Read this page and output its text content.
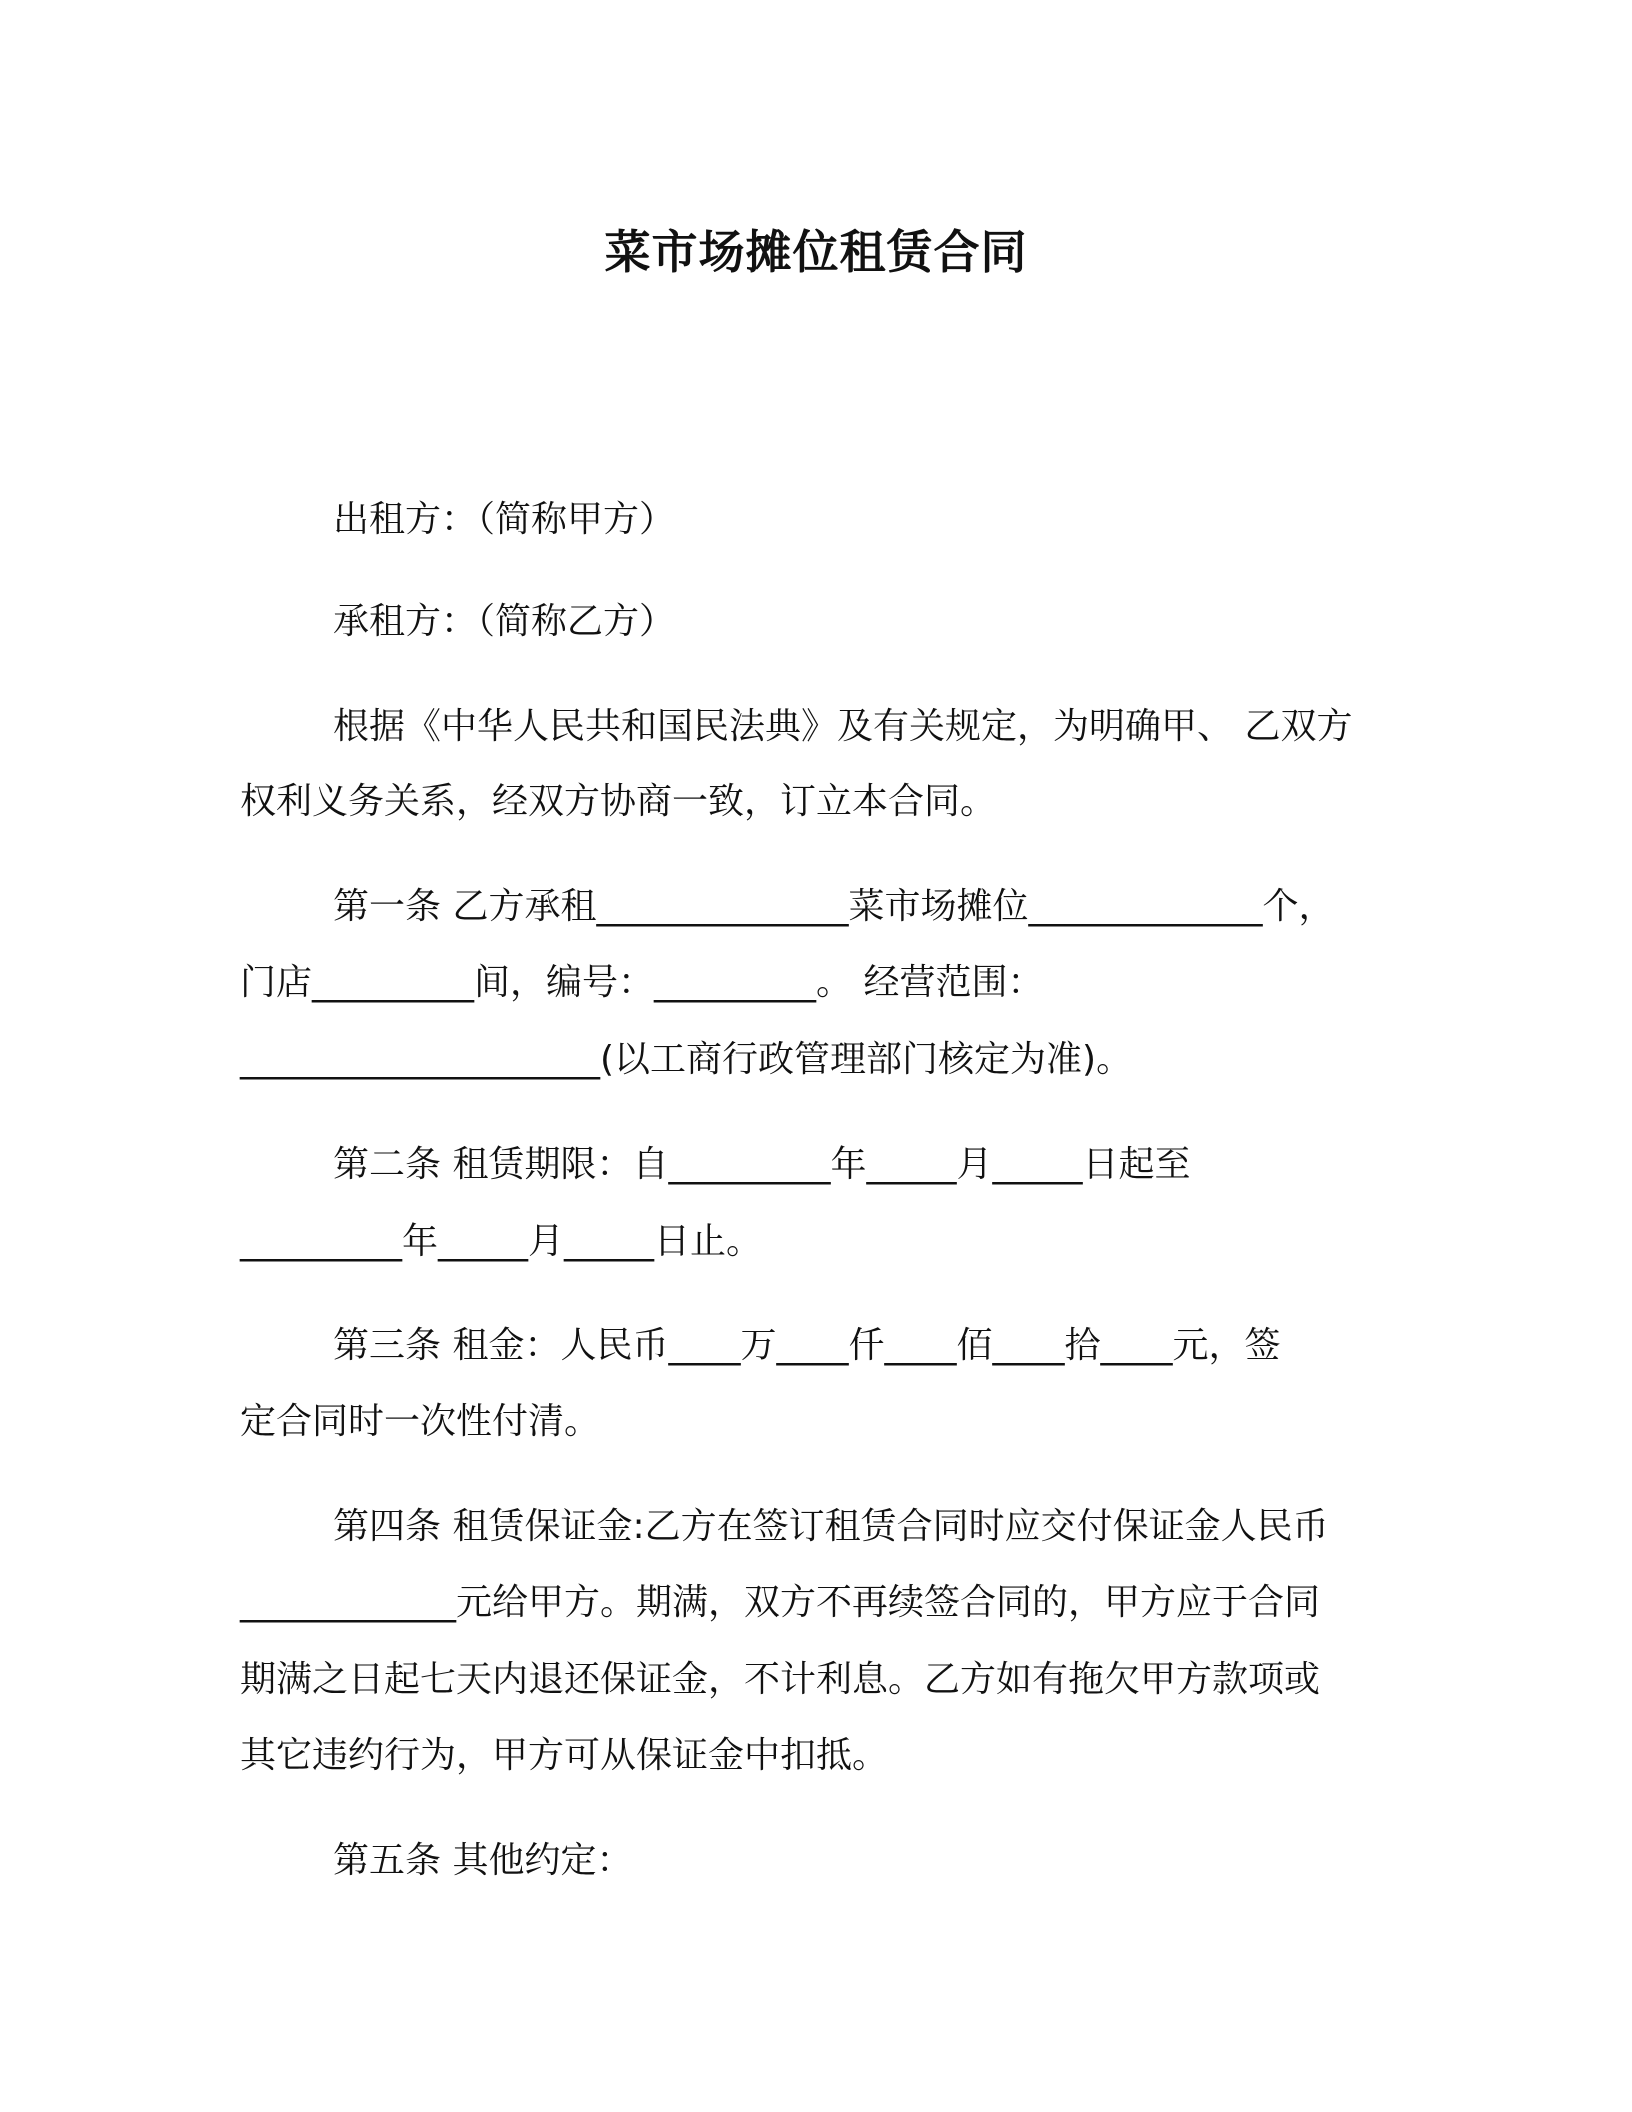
菜市场摊位租赁合同
出租方：（简称甲方）
承租方：（简称乙方）
根据《中华人民共和国民法典》及有关规定，为明确甲、 乙双方
权利义务关系，经双方协商一致，订立本合同。
第一条 乙方承租______________菜市场摊位_____________个，
门店_________间，编号：_________。 经营范围：
____________________(以工商行政管理部门核定为准)。
第二条 租赁期限：自_________年_____月_____日起至
_________年_____月_____日止。
第三条 租金：人民币____万____仟____佰____拾____元，签
定合同时一次性付清。
第四条 租赁保证金:乙方在签订租赁合同时应交付保证金人民币
____________元给甲方。期满，双方不再续签合同的，甲方应于合同
期满之日起七天内退还保证金，不计利息。乙方如有拖欠甲方款项或
其它违约行为，甲方可从保证金中扣抵。
第五条 其他约定：
